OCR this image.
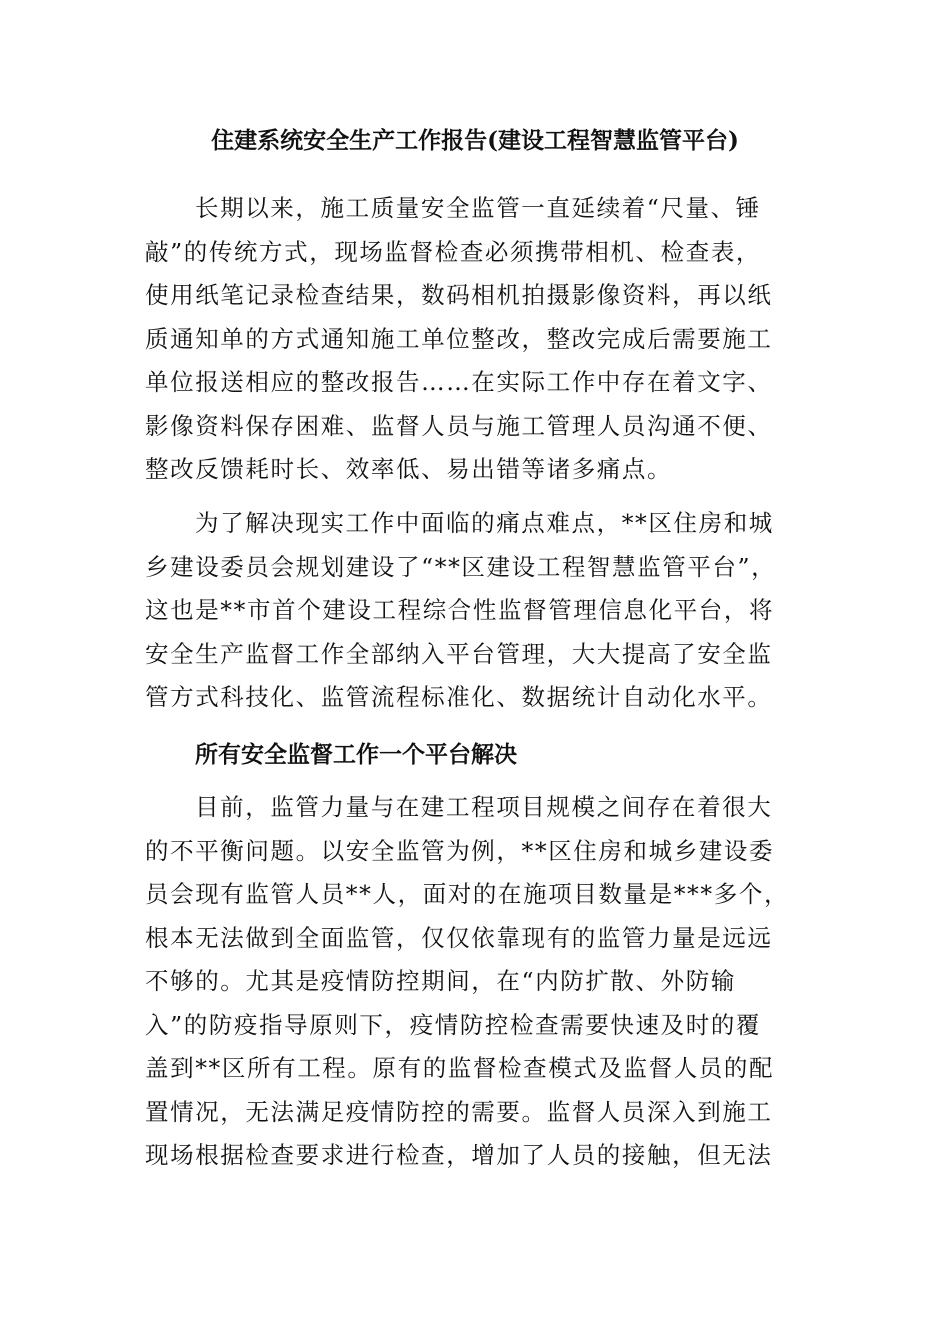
住建系统安全生产工作报告(建设工程智慧监管平台)
长期以来，施工质量安全监管一直延续着“尺量、锤
敲”的传统方式，现场监督检查必须携带相机、检查表，
使用纸笔记录检查结果，数码相机拍摄影像资料，再以纸
质通知单的方式通知施工单位整改，整改完成后需要施工
单位报送相应的整改报告……在实际工作中存在着文字、
影像资料保存困难、监督人员与施工管理人员沟通不便、
整改反馈耗时长、效率低、易出错等诸多痛点。
为了解决现实工作中面临的痛点难点，**区住房和城
乡建设委员会规划建设了“**区建设工程智慧监管平台”，
这也是**市首个建设工程综合性监督管理信息化平台，将
安全生产监督工作全部纳入平台管理，大大提高了安全监
管方式科技化、监管流程标准化、数据统计自动化水平。
所有安全监督工作一个平台解决
目前，监管力量与在建工程项目规模之间存在着很大
的不平衡问题。以安全监管为例，**区住房和城乡建设委
员会现有监管人员**人，面对的在施项目数量是***多个，
根本无法做到全面监管，仅仅依靠现有的监管力量是远远
不够的。尤其是疫情防控期间，在“内防扩散、外防输
入”的防疫指导原则下，疫情防控检查需要快速及时的覆
盖到**区所有工程。原有的监督检查模式及监督人员的配
置情况，无法满足疫情防控的需要。监督人员深入到施工
现场根据检查要求进行检查，增加了人员的接触，但无法
